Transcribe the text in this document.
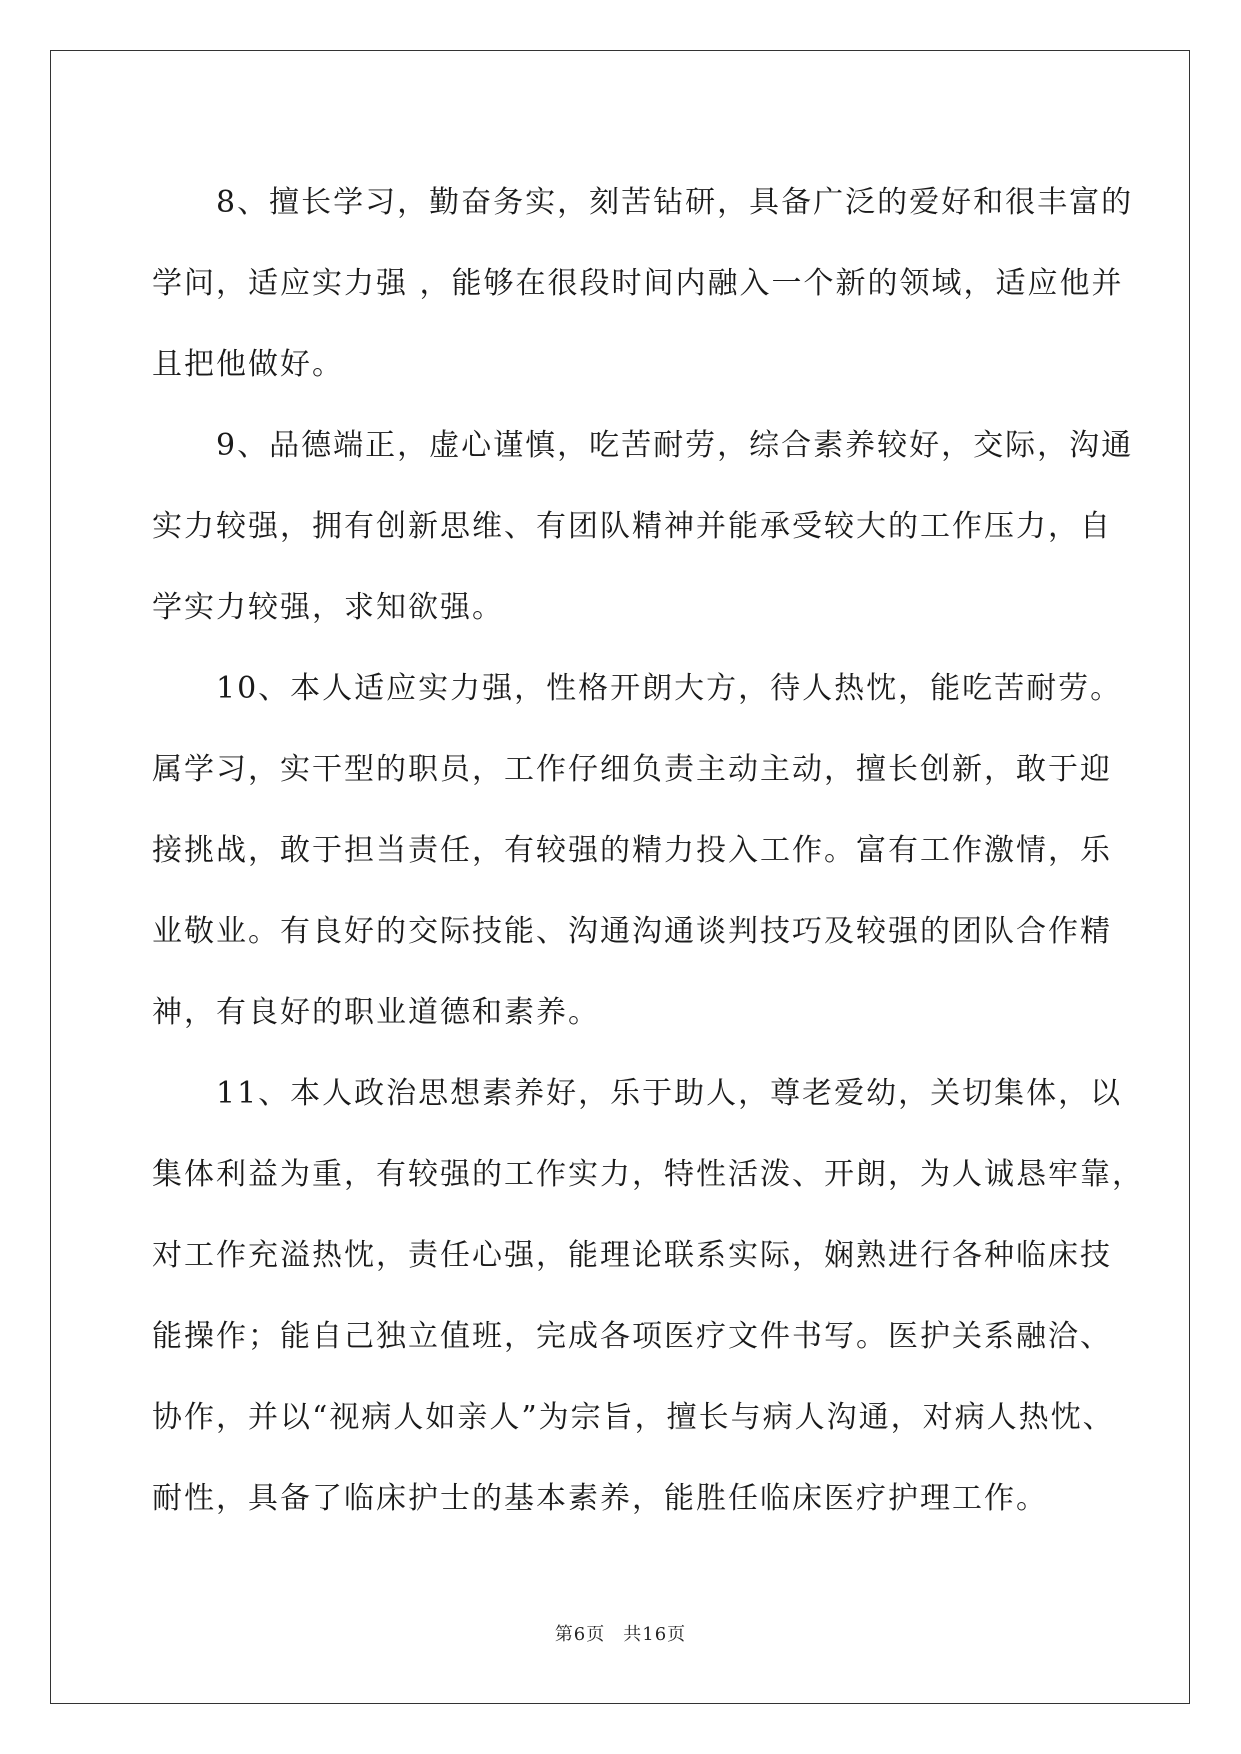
　　8、擅长学习，勤奋务实，刻苦钻研，具备广泛的爱好和很丰富的
学问，适应实力强 ，能够在很段时间内融入一个新的领域，适应他并
且把他做好。
　　9、品德端正，虚心谨慎，吃苦耐劳，综合素养较好，交际，沟通
实力较强，拥有创新思维、有团队精神并能承受较大的工作压力，自
学实力较强，求知欲强。
　　10、本人适应实力强，性格开朗大方，待人热忱，能吃苦耐劳。
属学习，实干型的职员，工作仔细负责主动主动，擅长创新，敢于迎
接挑战，敢于担当责任，有较强的精力投入工作。富有工作激情，乐
业敬业。有良好的交际技能、沟通沟通谈判技巧及较强的团队合作精
神，有良好的职业道德和素养。
　　11、本人政治思想素养好，乐于助人，尊老爱幼，关切集体，以
集体利益为重，有较强的工作实力，特性活泼、开朗，为人诚恳牢靠，
对工作充溢热忱，责任心强，能理论联系实际，娴熟进行各种临床技
能操作；能自己独立值班，完成各项医疗文件书写。医护关系融洽、
协作，并以“视病人如亲人”为宗旨，擅长与病人沟通，对病人热忱、
耐性，具备了临床护士的基本素养，能胜任临床医疗护理工作。
第6页 共16页
